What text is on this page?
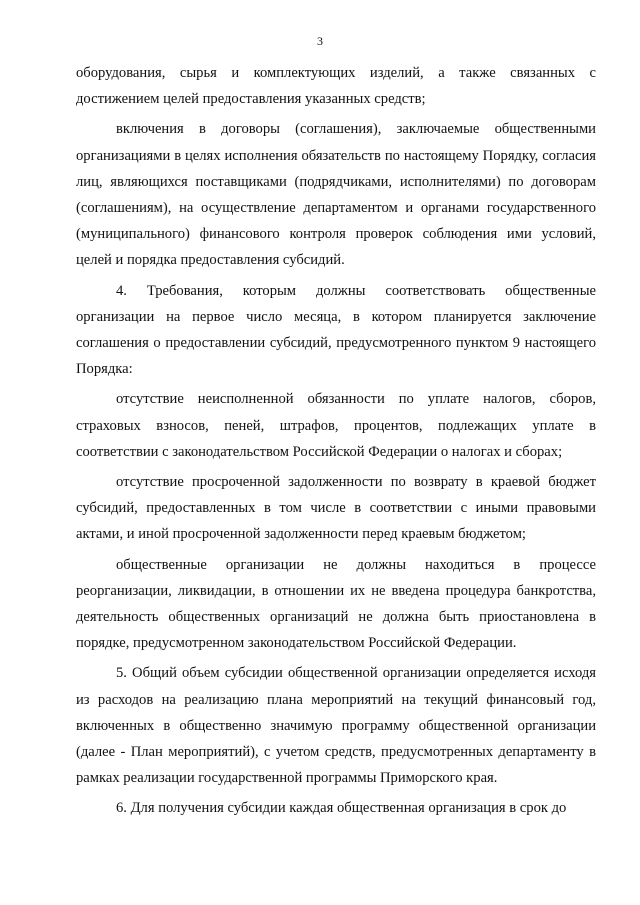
3

оборудования, сырья и комплектующих изделий, а также связанных с достижением целей предоставления указанных средств;

включения в договоры (соглашения), заключаемые общественными организациями в целях исполнения обязательств по настоящему Порядку, согласия лиц, являющихся поставщиками (подрядчиками, исполнителями) по договорам (соглашениям), на осуществление департаментом и органами государственного (муниципального) финансового контроля проверок соблюдения ими условий, целей и порядка предоставления субсидий.

4. Требования, которым должны соответствовать общественные организации на первое число месяца, в котором планируется заключение соглашения о предоставлении субсидий, предусмотренного пунктом 9 настоящего Порядка:

отсутствие неисполненной обязанности по уплате налогов, сборов, страховых взносов, пеней, штрафов, процентов, подлежащих уплате в соответствии с законодательством Российской Федерации о налогах и сборах;

отсутствие просроченной задолженности по возврату в краевой бюджет субсидий, предоставленных в том числе в соответствии с иными правовыми актами, и иной просроченной задолженности перед краевым бюджетом;

общественные организации не должны находиться в процессе реорганизации, ликвидации, в отношении их не введена процедура банкротства, деятельность общественных организаций не должна быть приостановлена в порядке, предусмотренном законодательством Российской Федерации.

5. Общий объем субсидии общественной организации определяется исходя из расходов на реализацию плана мероприятий на текущий финансовый год, включенных в общественно значимую программу общественной организации (далее - План мероприятий), с учетом средств, предусмотренных департаменту в рамках реализации государственной программы Приморского края.

6. Для получения субсидии каждая общественная организация в срок до
